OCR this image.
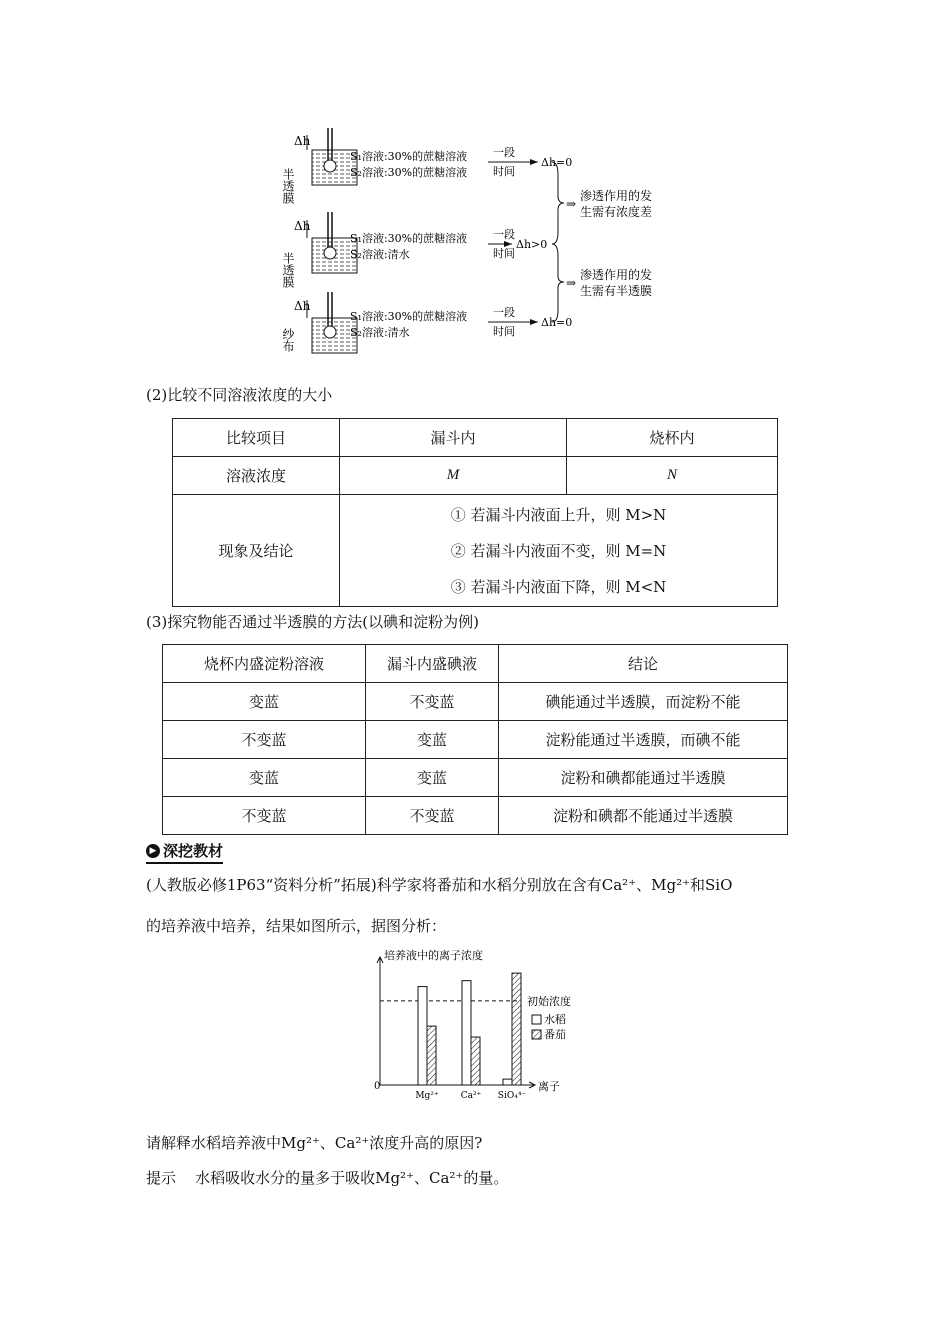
Δh
半透膜
S₁溶液:30%的蔗糖溶液
S₂溶液:30%的蔗糖溶液
一段
时间
Δh=0
Δh
半透膜
S₁溶液:30%的蔗糖溶液
S₂溶液:清水
一段
时间
Δh>0
Δh
纱布
S₁溶液:30%的蔗糖溶液
S₂溶液:清水
一段
时间
Δh=0
⇒
渗透作用的发
生需有浓度差
⇒
渗透作用的发
生需有半透膜
(2)比较不同溶液浓度的大小
比较项目	漏斗内	烧杯内
溶液浓度	M	N
现象及结论	① 若漏斗内液面上升，则 M>N
② 若漏斗内液面不变，则 M=N
③ 若漏斗内液面下降，则 M<N	
(3)探究物能否通过半透膜的方法(以碘和淀粉为例)
烧杯内盛淀粉溶液	漏斗内盛碘液	结论
变蓝	不变蓝	碘能通过半透膜，而淀粉不能
不变蓝	变蓝	淀粉能通过半透膜，而碘不能
变蓝	变蓝	淀粉和碘都能通过半透膜
不变蓝	不变蓝	淀粉和碘都不能通过半透膜
▶ 深挖教材
(人教版必修1P63“资料分析”拓展)科学家将番茄和水稻分别放在含有Ca²⁺、Mg²⁺和SiO
的培养液中培养，结果如图所示，据图分析：
培养液中的离子浓度
离子
0
初始浓度
Mg²⁺ Ca²⁺ SiO₄⁴⁻
水稻
番茄
请解释水稻培养液中Mg²⁺、Ca²⁺浓度升高的原因?
提示 水稻吸收水分的量多于吸收Mg²⁺、Ca²⁺的量。
